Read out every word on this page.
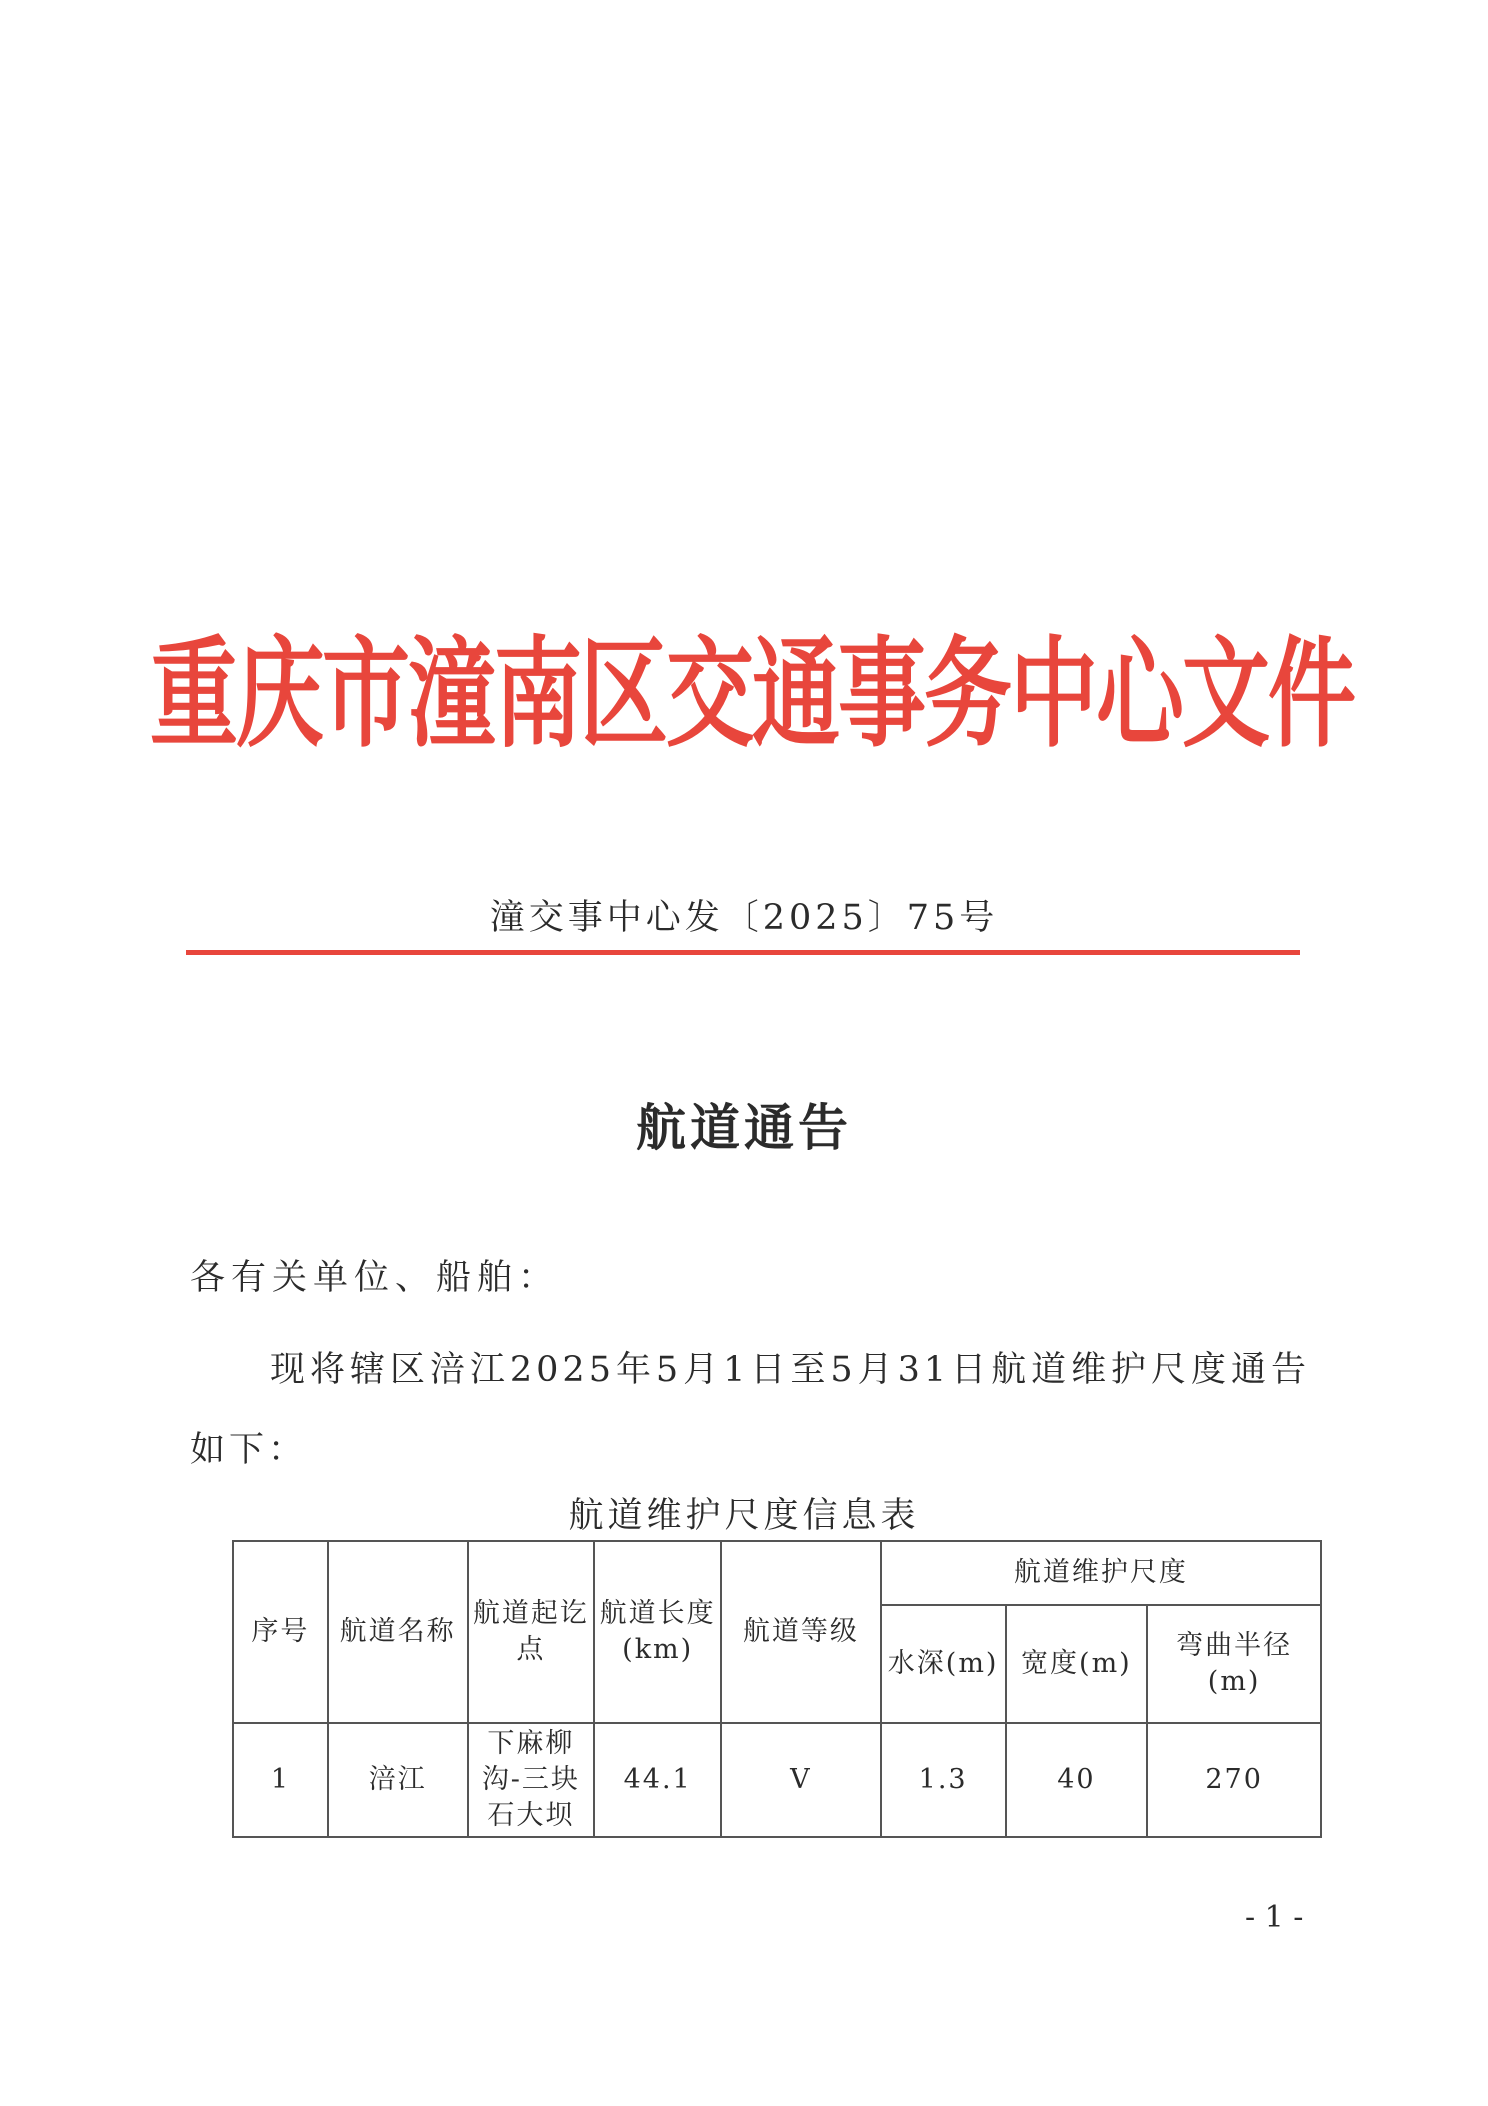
重庆市潼南区交通事务中心文件
潼交事中心发〔2025〕75号
航道通告
各有关单位、船舶：
现将辖区涪江2025年5月1日至5月31日航道维护尺度通告如下：
航道维护尺度信息表
序号	航道名称	航道起讫点	航道长度(km)	航道等级	航道维护尺度		
					水深(m)	宽度(m)	弯曲半径(m)
1	涪江	下麻柳沟-三块石大坝	44.1	V	1.3	40	270
- 1 -
